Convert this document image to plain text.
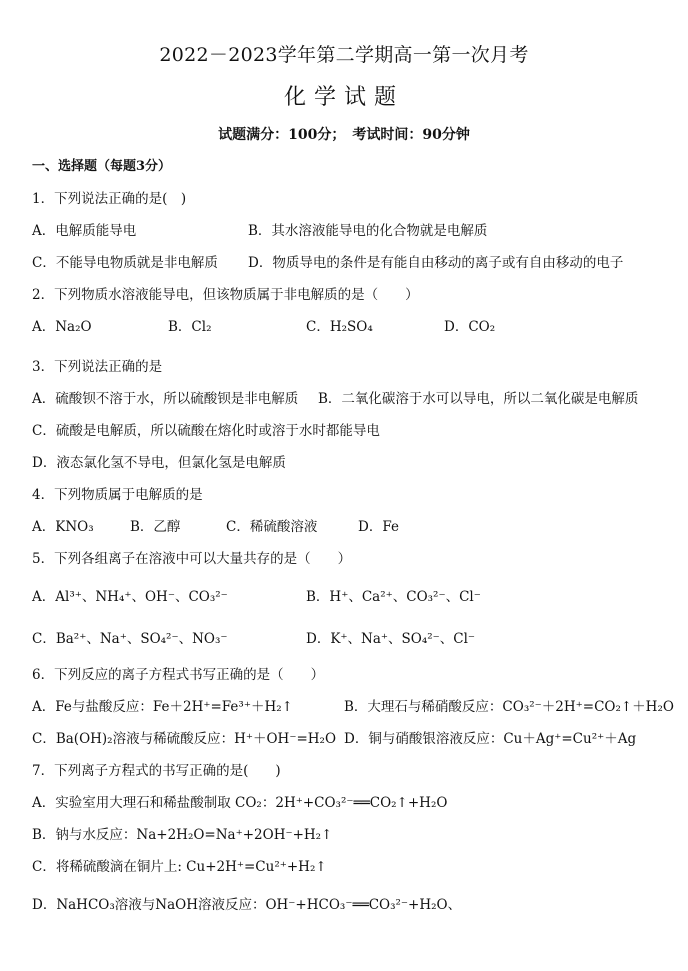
2022－2023学年第二学期高一第一次月考
化学试题
试题满分：100分；　考试时间：90分钟
一、选择题（每题3分）
1．下列说法正确的是(　)
A．电解质能导电	B．其水溶液能导电的化合物就是电解质
C．不能导电物质就是非电解质 D．物质导电的条件是有能自由移动的离子或有自由移动的电子
2．下列物质水溶液能导电，但该物质属于非电解质的是（　　）
A．Na₂O	B．Cl₂	C．H₂SO₄	D．CO₂
3．下列说法正确的是
A．硫酸钡不溶于水，所以硫酸钡是非电解质 B．二氧化碳溶于水可以导电，所以二氧化碳是电解质
C．硫酸是电解质，所以硫酸在熔化时或溶于水时都能导电
D．液态氯化氢不导电，但氯化氢是电解质
4．下列物质属于电解质的是
A．KNO₃	B．乙醇	C．稀硫酸溶液	D．Fe
5．下列各组离子在溶液中可以大量共存的是（　　）
A．Al³⁺、NH₄⁺、OH⁻、CO₃²⁻	B．H⁺、Ca²⁺、CO₃²⁻、Cl⁻
C．Ba²⁺、Na⁺、SO₄²⁻、NO₃⁻	D．K⁺、Na⁺、SO₄²⁻、Cl⁻
6．下列反应的离子方程式书写正确的是（　　）
A．Fe与盐酸反应：Fe＋2H⁺=Fe³⁺＋H₂↑	B．大理石与稀硝酸反应：CO₃²⁻＋2H⁺=CO₂↑＋H₂O
C．Ba(OH)₂溶液与稀硫酸反应：H⁺＋OH⁻=H₂O D．铜与硝酸银溶液反应：Cu＋Ag⁺=Cu²⁺＋Ag
7．下列离子方程式的书写正确的是(　　)
A．实验室用大理石和稀盐酸制取 CO₂：2H⁺+CO₃²⁻══CO₂↑+H₂O
B．钠与水反应：Na+2H₂O=Na⁺+2OH⁻+H₂↑
C．将稀硫酸滴在铜片上: Cu+2H⁺=Cu²⁺+H₂↑
D．NaHCO₃溶液与NaOH溶液反应：OH⁻+HCO₃⁻══CO₃²⁻+H₂O、
